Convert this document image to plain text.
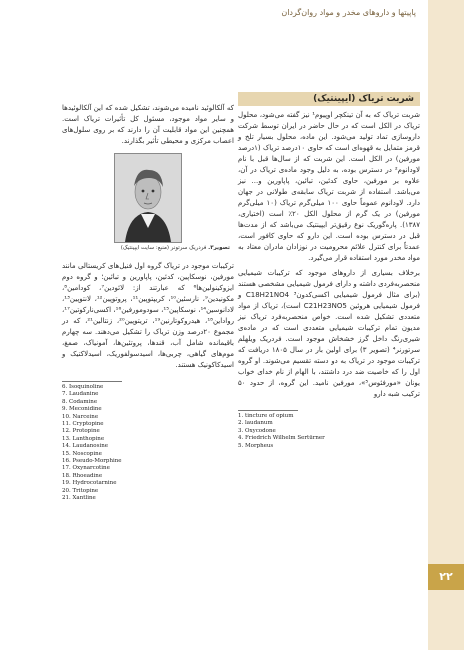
پاپیتها و داروهای مخدر و مواد روان‌گردان
۲۲
شربت تریاک (ایپینتیک)

شربت تریاک که به آن تینکچر اوپیوم¹ نیز گفته می‌شود، محلول تریاک در الکل است که در حال حاضر در ایران توسط شرکت داروسازی تماد تولید می‌شود. این ماده، محلول بسیار تلخ و قرمز متمایل به قهوه‌ای است که حاوی ۱۰درصد تریاک (۱درصد مورفین) در الکل است. این شربت که از سال‌ها قبل با نام لاودانوم² در دسترس بوده، به دلیل وجود ماده‌ی تریاک در آن، علاوه بر مورفین، حاوی کدئین، تبائین، پاپاورین و... نیز می‌باشد. استفاده از شربت تریاک سابقه‌ی طولانی در جهان دارد. لاودانوم عموماً حاوی ۱۰۰ میلی‌گرم تریاک (۱۰ میلی‌گرم مورفین) در یک گرم از محلول الکل ۲۰٪ است (اختیاری، ۱۳۸۷). پاره‌گوریک نوع رقیق‌تر ایپینتیک می‌باشد که از مدت‌ها قبل در دسترس بوده است. این دارو که حاوی کافور است، عمدتاً برای کنترل علائم محرومیت در نوزادان مادران معتاد به مواد مخدر مورد استفاده قرار می‌گیرد.

برخلاف بسیاری از داروهای موجود که ترکیبات شیمیایی منحصربه‌فردی داشته و دارای فرمول شیمیایی مشخصی هستند (برای مثال فرمول شیمیایی اکسی‌کدون³ C18H21NO4 و فرمول شیمیایی هروئین C21H23NO5 است)، تریاک از مواد متعددی تشکیل شده است. خواص منحصربه‌فرد تریاک نیز مدیون تمام ترکیبات شیمیایی متعددی است که در ماده‌ی شیری‌رنگ داخل گرز خشخاش موجود است. فردریک ویلهلم سرتورنر⁴ (تصویر ۳) برای اولین بار در سال ۱۸۰۵ دریافت که ترکیبات موجود در تریاک به دو دسته تقسیم می‌شوند. او گروه اول را که خاصیت ضد درد داشتند، با الهام از نام خدای خواب یونان «مورفئوس⁵»، مورفین نامید. این گروه، از حدود ۵۰ ترکیب شبه دارو

1. tincture of opium
2. laudanum
3. Oxycodone
4. Friedrich Wilhelm Sertürner
5. Morpheus

که آلکالوئید نامیده می‌شوند، تشکیل شده که این آلکالوئیدها و سایر مواد موجود، مسئول کل تأثیرات تریاک است. همچنین این مواد قابلیت آن را دارند که بر روی سلول‌های اعصاب مرکزی و محیطی تأثیر بگذارند.

تصویر۳. فردریک سرتونر (منبع: سایت ایپینتیک)

ترکیبات موجود در تریاک گروه اول فنیل‌های کریستالی مانند مورفین، نوسکاپین، کدئین، پاپاورین و تبائین؛ و گروه دوم ایزوکینولین‌ها⁶ که عبارتند از: لائودین⁷، کودامین⁸، مکونیدین⁹، نارسئین¹⁰، کریپتوپین¹¹، پروتوپین¹²، لانتوپین¹³، لادانوسین¹⁴، نوسکاپین¹⁵، سودومورفین¹⁶، اکسی‌نارکوتین¹⁷، رواداین¹⁸، هیدروکوتارنین¹⁹، تریتوپین²⁰، زنتالین²¹، که در مجموع ۲۰درصد وزن تریاک را تشکیل می‌دهند. سه چهارم باقیمانده شامل آب، قندها، پروتئین‌ها، آمونیاک، صمغ، موم‌های گیاهی، چربی‌ها، اسیدسولفوریک، اسیدلاکتیک و اسیدکاکونیک هستند.

6. Isoquinoline
7. Laudanine
8. Codamine
9. Meconidine
10. Narceine
11. Cryptopine
12. Protopine
13. Lanthopine
14. Laudanosine
15. Noscopine
16. Pseudo-Morphine
17. Oxynarcotine
18. Rhoeadine
19. Hydrocotarnine
20. Tritopine
21. Xantline
